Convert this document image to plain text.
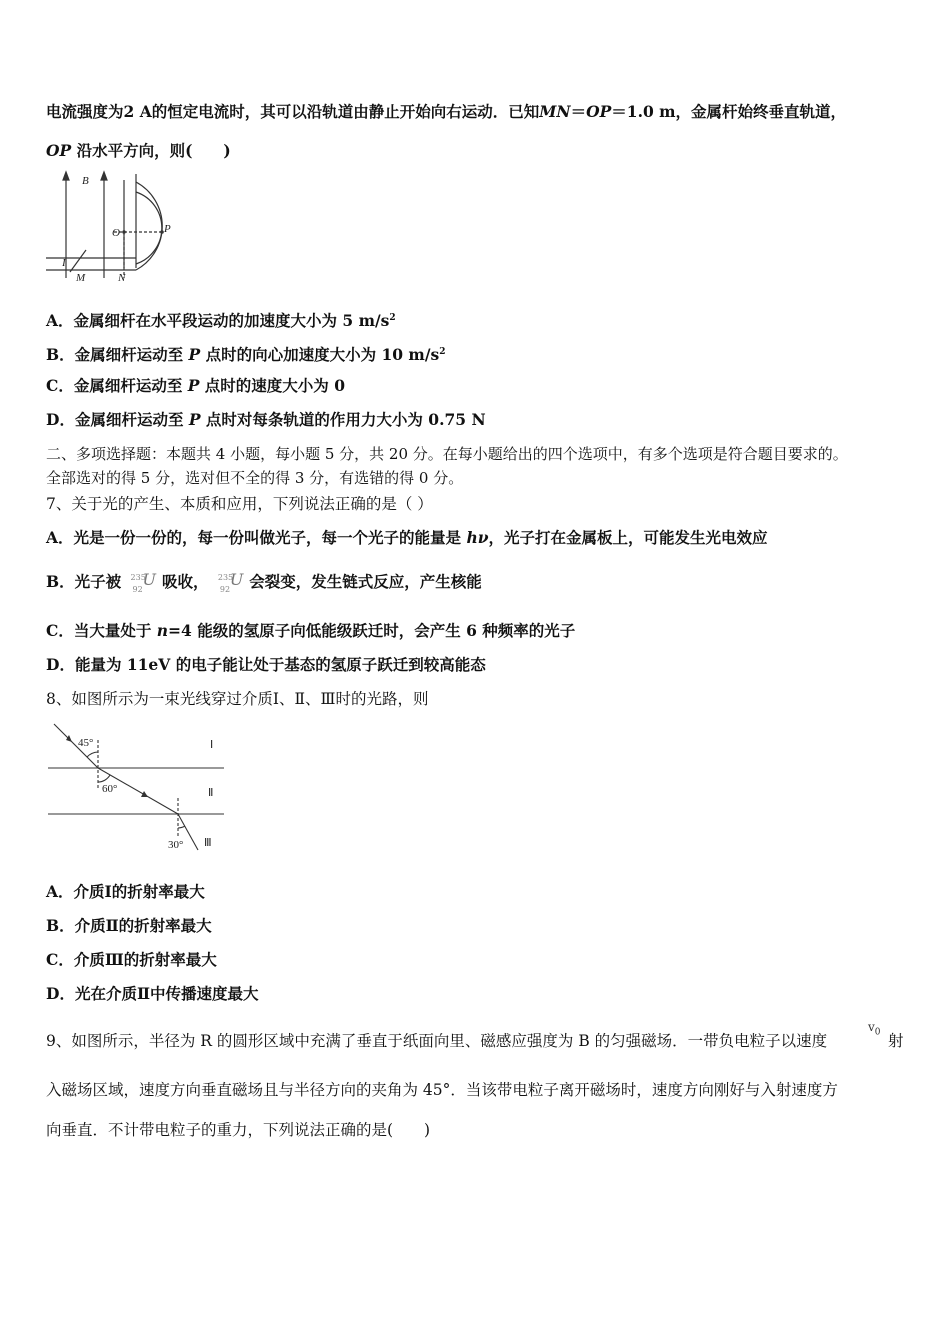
电流强度为2 A的恒定电流时，其可以沿轨道由静止开始向右运动．已知MN＝OP＝1.0 m，金属杆始终垂直轨道，
OP 沿水平方向，则(　　)
B
O	P
I
M	N
A．金属细杆在水平段运动的加速度大小为 5 $m/s^2$
B．金属细杆运动至 P 点时的向心加速度大小为 10 $m/s^2$
C．金属细杆运动至 P 点时的速度大小为 0
D．金属细杆运动至 P 点时对每条轨道的作用力大小为 0.75 N
二、多项选择题：本题共 4 小题，每小题 5 分，共 20 分。在每小题给出的四个选项中，有多个选项是符合题目要求的。
全部选对的得 5 分，选对但不全的得 3 分，有选错的得 0 分。
7、关于光的产生、本质和应用，下列说法正确的是（ ）
A．光是一份一份的，每一份叫做光子，每一个光子的能量是 hν，光子打在金属板上，可能发生光电效应
B．光子被 235
92
U 吸收， 235
92
U 会裂变，发生链式反应，产生核能
C．当大量处于 n=4 能级的氢原子向低能级跃迁时，会产生 6 种频率的光子
D．能量为 11eV 的电子能让处于基态的氢原子跃迁到较高能态
8、如图所示为一束光线穿过介质Ⅰ、Ⅱ、Ⅲ时的光路，则
45°
60°
30°
Ⅰ
Ⅱ
Ⅲ
A．介质Ⅰ的折射率最大
B．介质Ⅱ的折射率最大
C．介质Ⅲ的折射率最大
D．光在介质Ⅱ中传播速度最大
9、如图所示，半径为 R 的圆形区域中充满了垂直于纸面向里、磁感应强度为 B 的匀强磁场．一带负电粒子以速度
$v_0$ 射
入磁场区域，速度方向垂直磁场且与半径方向的夹角为 45°．当该带电粒子离开磁场时，速度方向刚好与入射速度方
向垂直．不计带电粒子的重力，下列说法正确的是(　　)
